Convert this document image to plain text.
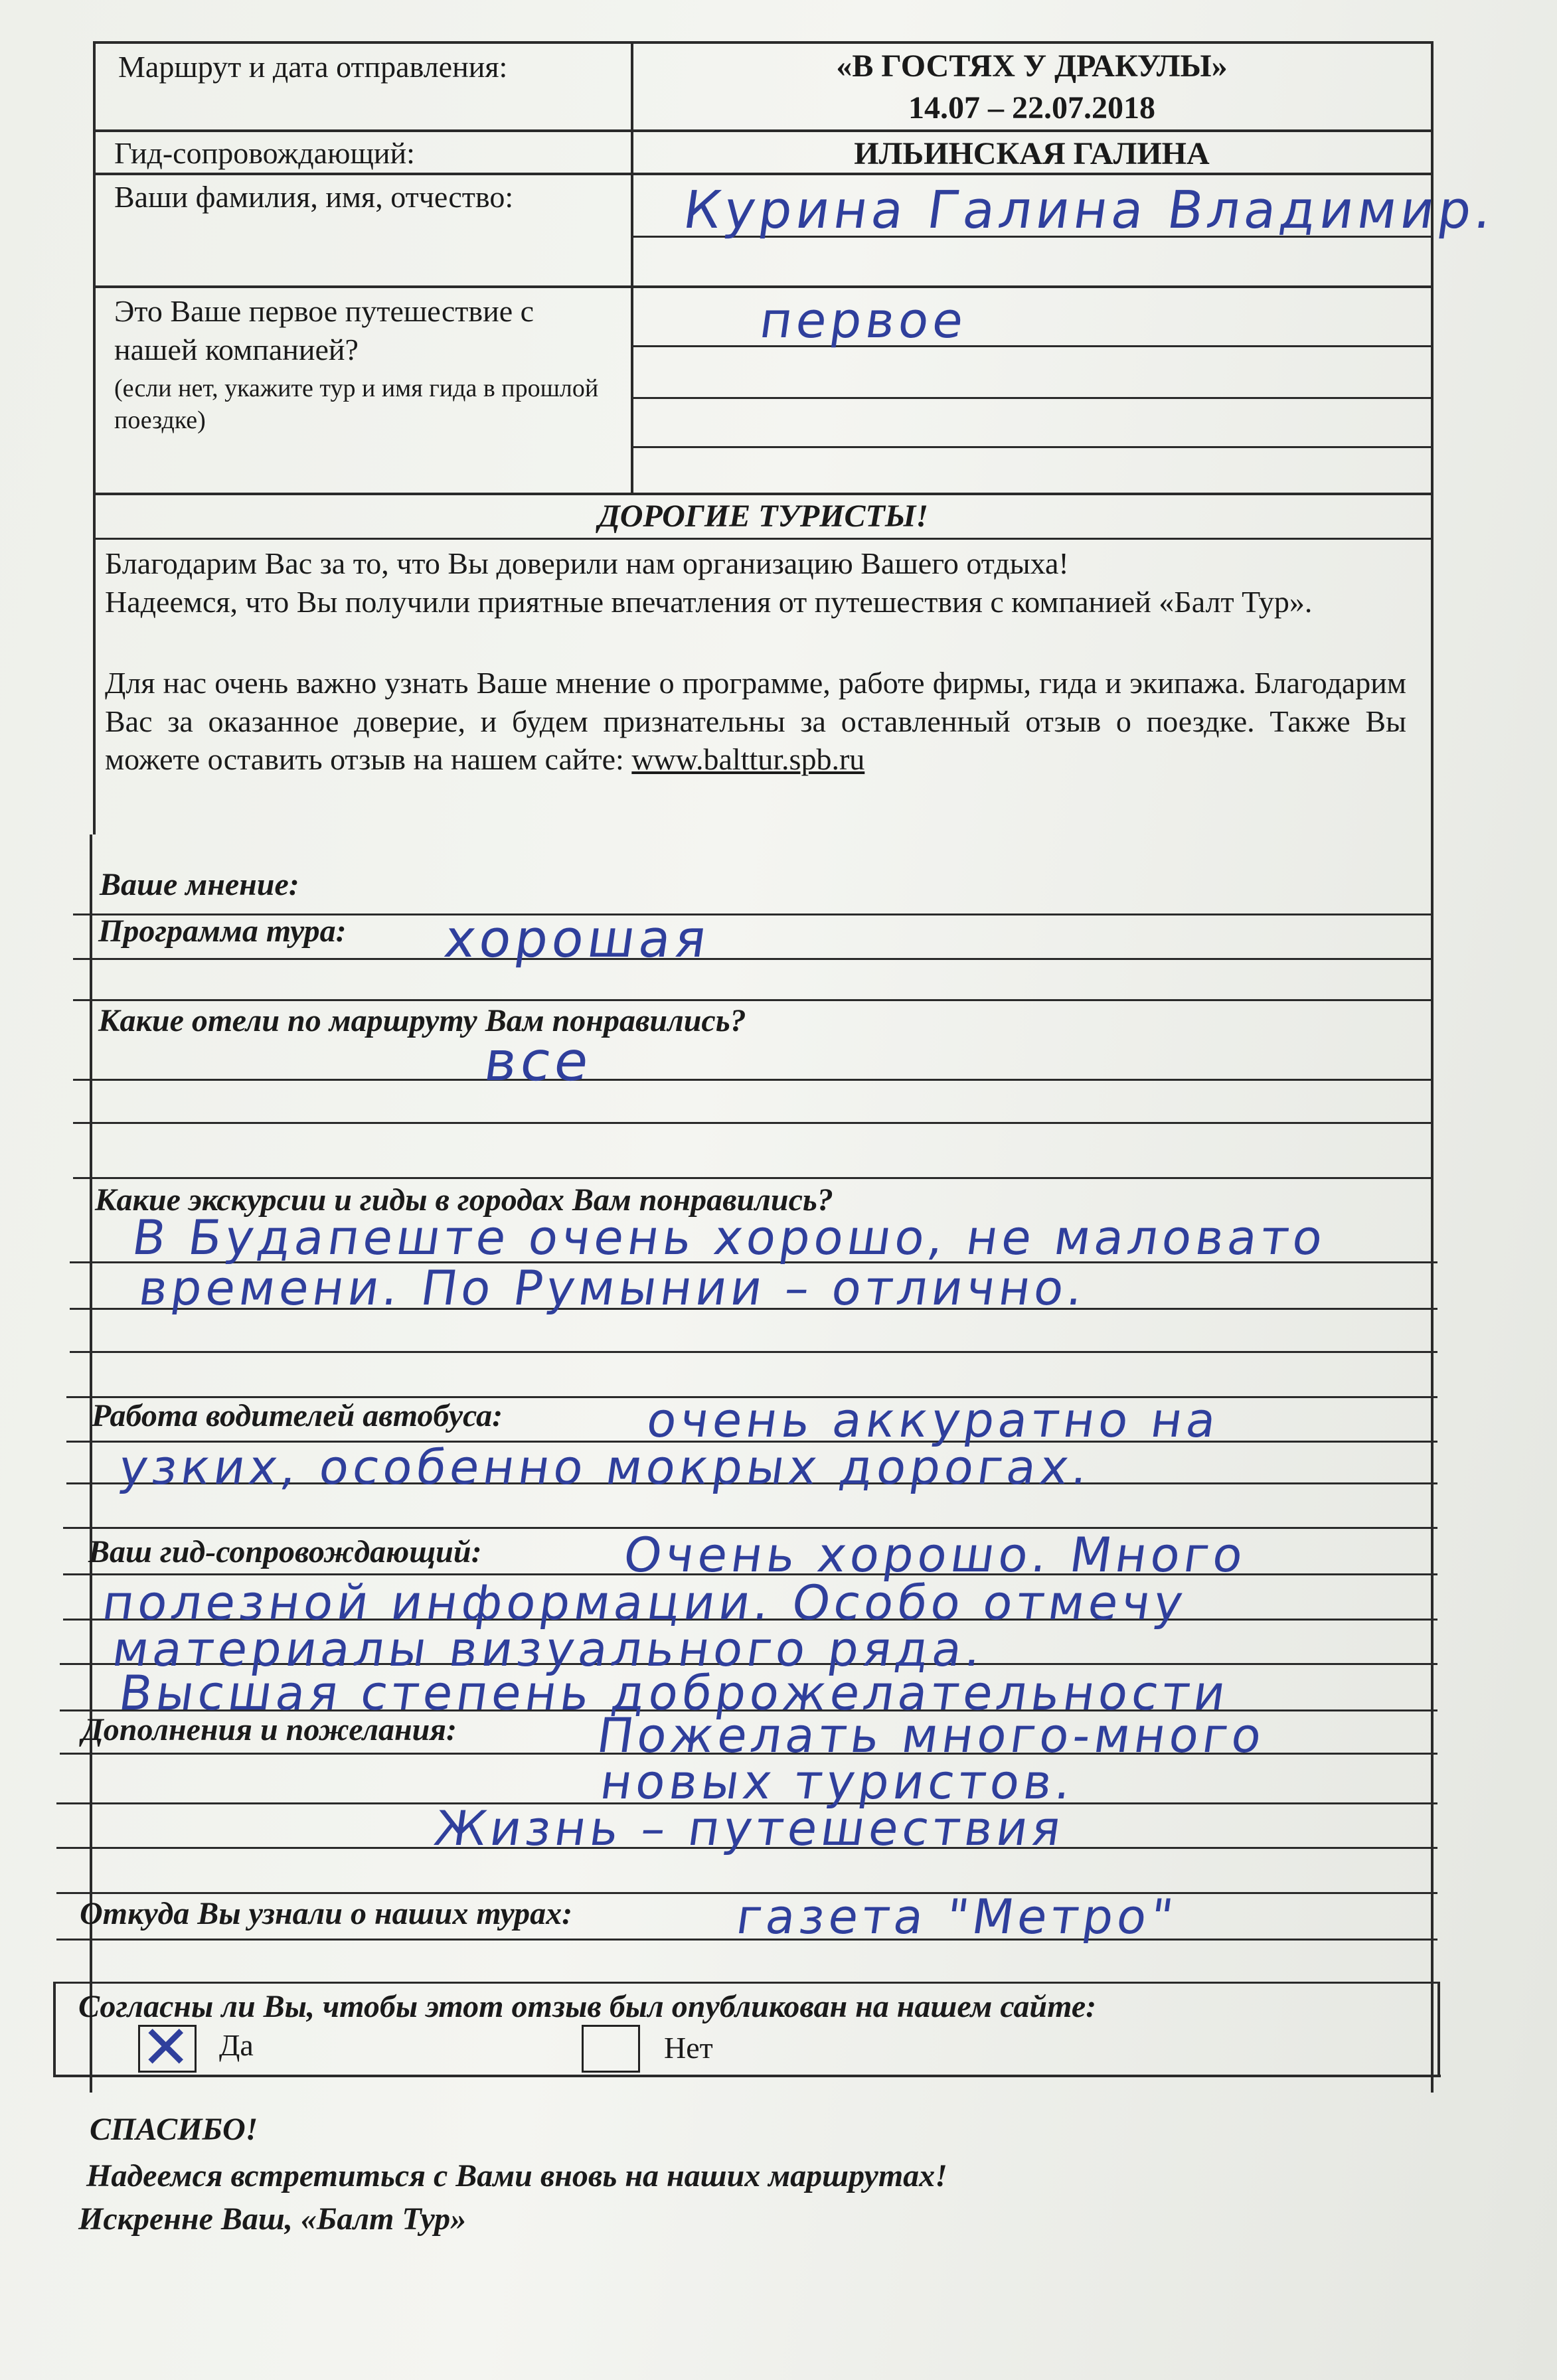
Маршрут и дата отправления:	«В ГОСТЯХ У ДРАКУЛЫ»
14.07 – 22.07.2018
Гид-сопровождающий:	ИЛЬИНСКАЯ ГАЛИНА
Ваши фамилия, имя, отчество:	Курина Галина Владимир.
Это Ваше первое путешествие с нашей компанией?
(если нет, укажите тур и имя гида в прошлой поездке)
первое
ДОРОГИЕ ТУРИСТЫ!
Благодарим Вас за то, что Вы доверили нам организацию Вашего отдыха!
Надеемся, что Вы получили приятные впечатления от путешествия с компанией «Балт Тур».
Для нас очень важно узнать Ваше мнение о программе, работе фирмы, гида и экипажа. Благодарим Вас за оказанное доверие, и будем признательны за оставленный отзыв о поездке. Также Вы можете оставить отзыв на нашем сайте: www.balttur.spb.ru
Ваше мнение:
Программа тура: хорошая
Какие отели по маршруту Вам понравились?
все
Какие экскурсии и гиды в городах Вам понравились?
В Будапеште очень хорошо, не маловато
времени. По Румынии – отлично.
Работа водителей автобуса:	очень аккуратно на
узких, особенно мокрых дорогах.
Ваш гид-сопровождающий:	Очень хорошо. Много
полезной информации. Особо отмечу
материалы визуального ряда.
Высшая степень доброжелательности
Дополнения и пожелания:	Пожелать много-много
новых туристов.
Жизнь – путешествия
Откуда Вы узнали о наших турах:	газета "Метро"
Согласны ли Вы, чтобы этот отзыв был опубликован на нашем сайте:
✕ Да	Нет
СПАСИБО!
Надеемся встретиться с Вами вновь на наших маршрутах!
Искренне Ваш, «Балт Тур»
